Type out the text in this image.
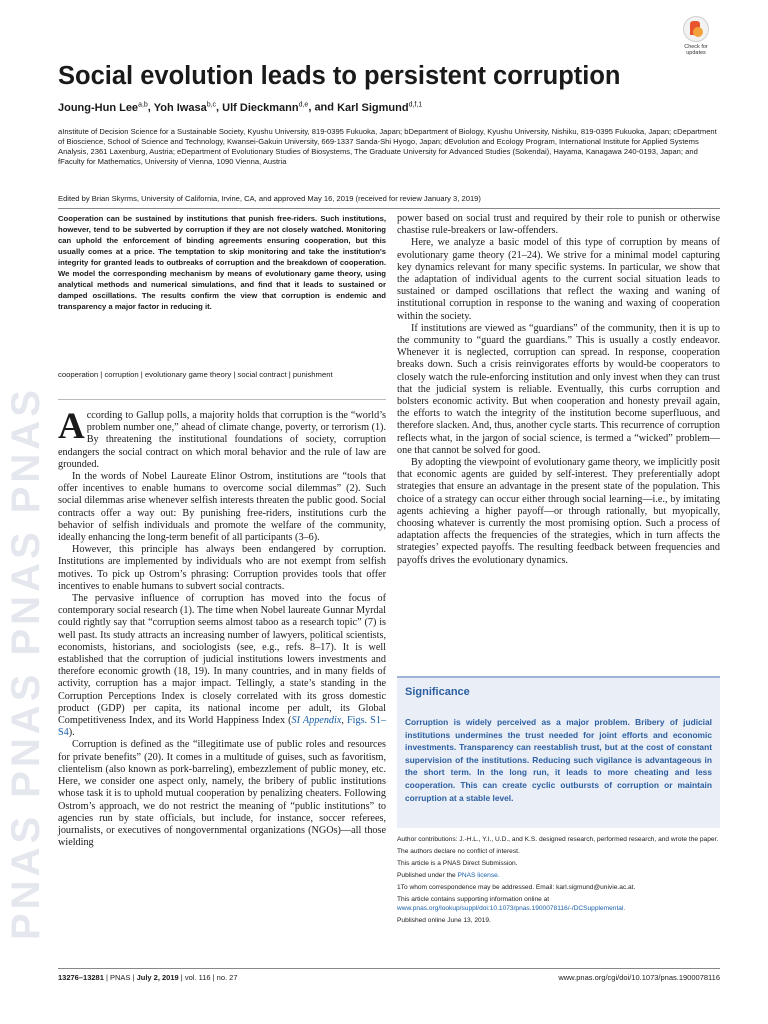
PNAS PNAS PNAS PNAS
Check for updates
Social evolution leads to persistent corruption

Joung-Hun Lee$^{a,b}$, Yoh Iwasa$^{b,c}$, Ulf Dieckmann$^{d,e}$, and Karl Sigmund$^{d,f,1}$

aInstitute of Decision Science for a Sustainable Society, Kyushu University, 819-0395 Fukuoka, Japan; bDepartment of Biology, Kyushu University, Nishiku, 819-0395 Fukuoka, Japan; cDepartment of Bioscience, School of Science and Technology, Kwansei-Gakuin University, 669-1337 Sanda-Shi Hyogo, Japan; dEvolution and Ecology Program, International Institute for Applied Systems Analysis, 2361 Laxenburg, Austria; eDepartment of Evolutionary Studies of Biosystems, The Graduate University for Advanced Studies (Sokendai), Hayama, Kanagawa 240-0193, Japan; and fFaculty for Mathematics, University of Vienna, 1090 Vienna, Austria

Edited by Brian Skyrms, University of California, Irvine, CA, and approved May 16, 2019 (received for review January 3, 2019)

Cooperation can be sustained by institutions that punish free-riders. Such institutions, however, tend to be subverted by corruption if they are not closely watched. Monitoring can uphold the enforcement of binding agreements ensuring cooperation, but this usually comes at a price. The temptation to skip monitoring and take the institution's integrity for granted leads to outbreaks of corruption and the breakdown of cooperation. We model the corresponding mechanism by means of evolutionary game theory, using analytical methods and numerical simulations, and find that it leads to sustained or damped oscillations. The results confirm the view that corruption is endemic and transparency a major factor in reducing it.

cooperation | corruption | evolutionary game theory | social contract | punishment

According to Gallup polls, a majority holds that corruption is the “world’s problem number one,” ahead of climate change, poverty, or terrorism (1). By threatening the institutional foundations of society, corruption endangers the social contract on which moral behavior and the rule of law are grounded.

In the words of Nobel Laureate Elinor Ostrom, institutions are “tools that offer incentives to enable humans to overcome social dilemmas” (2). Such social dilemmas arise whenever selfish interests threaten the public good. Social contracts offer a way out: By punishing free-riders, institutions curb the behavior of selfish individuals and promote the welfare of the community, ideally enhancing the long-term benefit of all participants (3–6).

However, this principle has always been endangered by corruption. Institutions are implemented by individuals who are not exempt from selfish motives. To pick up Ostrom’s phrasing: Corruption provides tools that offer incentives to enable humans to subvert social contracts.

The pervasive influence of corruption has moved into the focus of contemporary social research (1). The time when Nobel laureate Gunnar Myrdal could rightly say that “corruption seems almost taboo as a research topic” (7) is well past. Its study attracts an increasing number of lawyers, political scientists, economists, historians, and sociologists (see, e.g., refs. 8–17). It is well established that the corruption of judicial institutions lowers investments and therefore economic growth (18, 19). In many countries, and in many fields of activity, corruption has a major impact. Tellingly, a state’s standing in the Corruption Perceptions Index is closely correlated with its gross domestic product (GDP) per capita, its national income per adult, its Global Competitiveness Index, and its World Happiness Index (SI Appendix, Figs. S1–S4).

Corruption is defined as the “illegitimate use of public roles and resources for private benefits” (20). It comes in a multitude of guises, such as favoritism, clientelism (also known as pork-barreling), embezzlement of public money, etc. Here, we consider one aspect only, namely, the bribery of public institutions whose task it is to uphold mutual cooperation by penalizing cheaters. Following Ostrom’s approach, we do not restrict the meaning of “public institutions” to agencies run by state officials, but include, for instance, soccer referees, journalists, or executives of nongovernmental organizations (NGOs)—all those wielding

power based on social trust and required by their role to punish or otherwise chastise rule-breakers or law-offenders.

Here, we analyze a basic model of this type of corruption by means of evolutionary game theory (21–24). We strive for a minimal model capturing key dynamics relevant for many specific systems. In particular, we show that the adaptation of individual agents to the current social situation leads to sustained or damped oscillations that reflect the waxing and waning of institutional corruption in response to the waning and waxing of cooperation within the society.

If institutions are viewed as “guardians” of the community, then it is up to the community to “guard the guardians.” This is usually a costly endeavor. Whenever it is neglected, corruption can spread. In response, cooperation breaks down. Such a crisis reinvigorates efforts by would-be cooperators to closely watch the rule-enforcing institution and only invest when they can trust that the judicial system is reliable. Eventually, this curbs corruption and bolsters economic activity. But when cooperation and honesty prevail again, the efforts to watch the integrity of the institution become superfluous, and therefore slacken. And, thus, another cycle starts. This recurrence of corruption reflects what, in the jargon of social science, is termed a “wicked” problem—one that cannot be solved for good.

By adopting the viewpoint of evolutionary game theory, we implicitly posit that economic agents are guided by self-interest. They preferentially adopt strategies that ensure an advantage in the present state of the population. This choice of a strategy can occur either through social learning—i.e., by imitating agents achieving a higher payoff—or through rationally, but myopically, choosing whatever is currently the most promising option. Such a process of adaptation affects the frequencies of the strategies, which in turn affects the strategies’ expected payoffs. The resulting feedback between frequencies and payoffs drives the evolutionary dynamics.

Significance

Corruption is widely perceived as a major problem. Bribery of judicial institutions undermines the trust needed for joint efforts and economic investments. Transparency can reestablish trust, but at the cost of constant supervision of the institutions. Reducing such vigilance is advantageous in the short term. In the long run, it leads to more cheating and less cooperation. This can create cyclic outbursts of corruption or maintain corruption at a stable level.

Author contributions: J.-H.L., Y.I., U.D., and K.S. designed research, performed research, and wrote the paper.

The authors declare no conflict of interest.

This article is a PNAS Direct Submission.

Published under the PNAS license.

1To whom correspondence may be addressed. Email: karl.sigmund@univie.ac.at.

This article contains supporting information online at www.pnas.org/lookup/suppl/doi:10.1073/pnas.1900078116/-/DCSupplemental.

Published online June 13, 2019.

13276–13281 | PNAS | July 2, 2019 | vol. 116 | no. 27	www.pnas.org/cgi/doi/10.1073/pnas.1900078116
